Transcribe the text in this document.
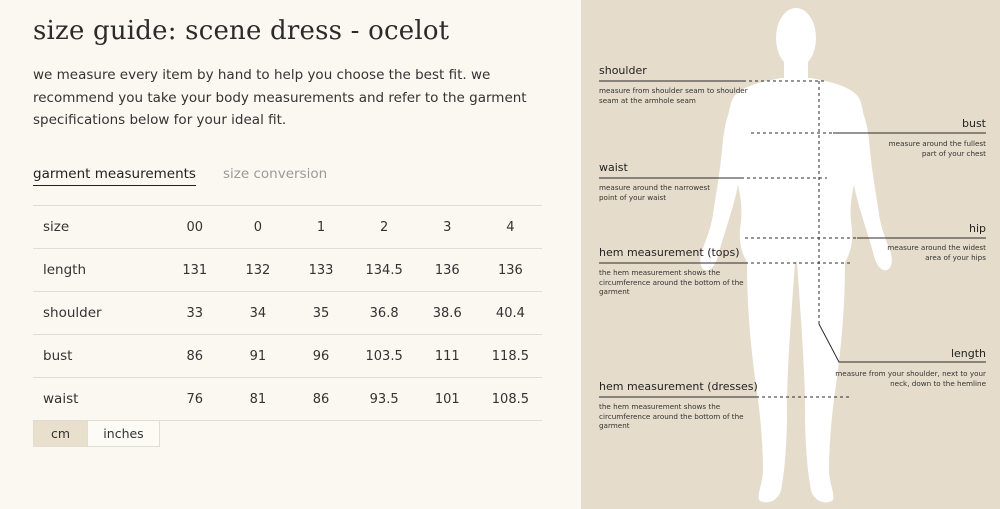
size guide: scene dress - ocelot

we measure every item by hand to help you choose the best fit. we recommend you take your body measurements and refer to the garment specifications below for your ideal fit.

garment measurements size conversion
size	00	0	1	2	3	4
length	131	132	133	134.5	136	136
shoulder	33	34	35	36.8	38.6	40.4
bust	86	91	96	103.5	111	118.5
waist	76	81	86	93.5	101	108.5
cm	inches
shoulder
measure from shoulder seam to shoulder seam at the armhole seam
bust
measure around the fullest part of your chest
waist
measure around the narrowest point of your waist
hip
measure around the widest area of your hips
hem measurement (tops)
the hem measurement shows the circumference around the bottom of the garment
length
measure from your shoulder, next to your neck, down to the hemline
hem measurement (dresses)
the hem measurement shows the circumference around the bottom of the garment
